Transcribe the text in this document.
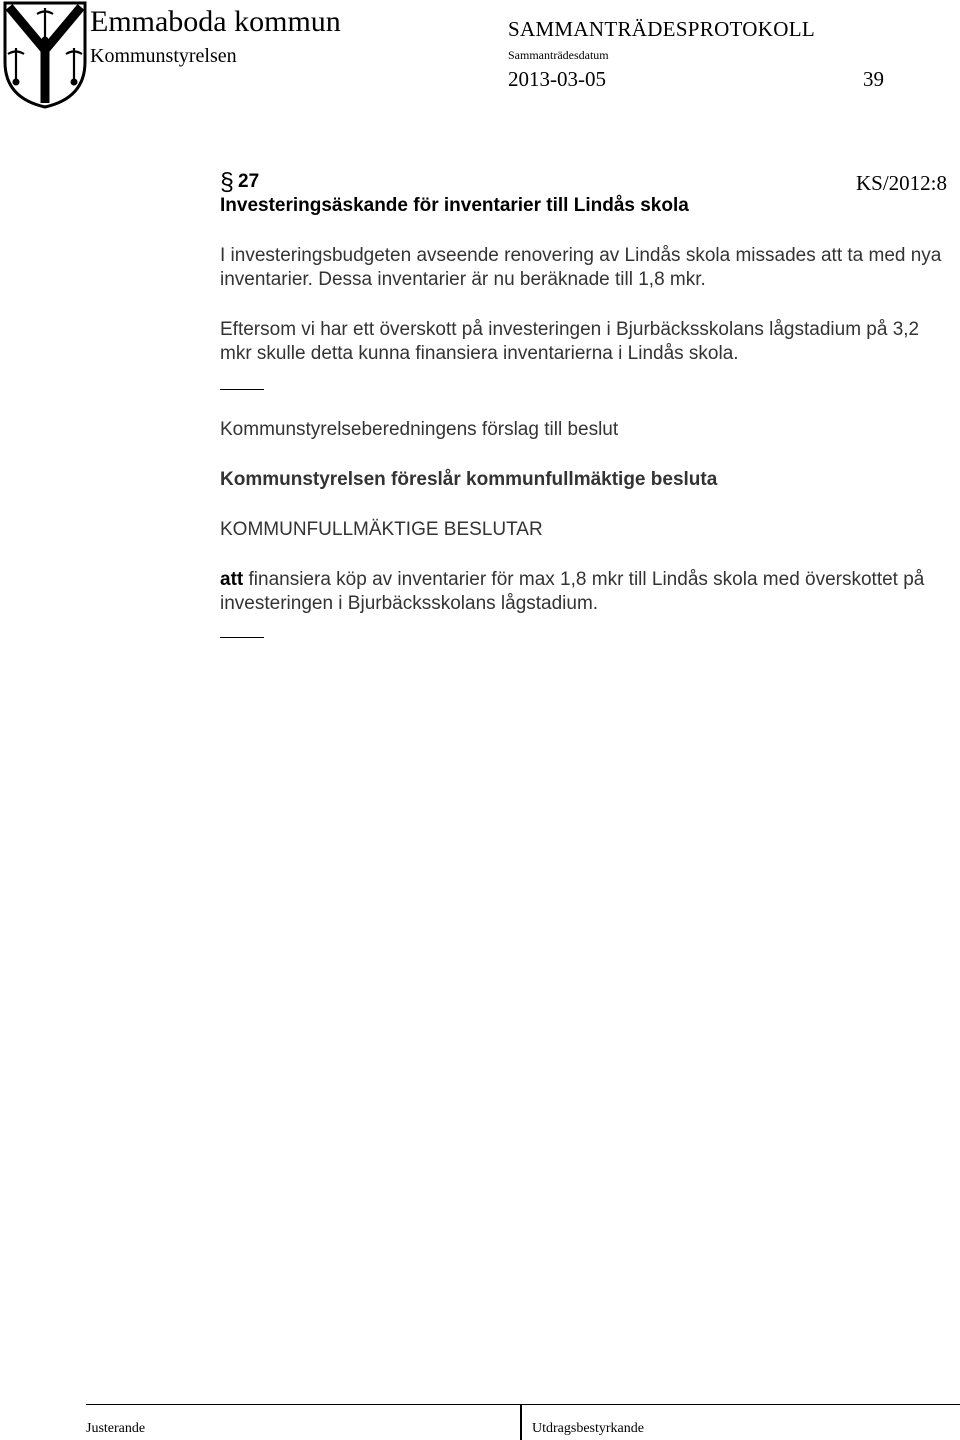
Emmaboda kommun
Kommunstyrelsen
SAMMANTRÄDESPROTOKOLL
Sammanträdesdatum
2013-03-05	39
KS/2012:8
§ 27
Investeringsäskande för inventarier till Lindås skola
I investeringsbudgeten avseende renovering av Lindås skola missades att ta med nya inventarier. Dessa inventarier är nu beräknade till 1,8 mkr.
Eftersom vi har ett överskott på investeringen i Bjurbäcksskolans lågstadium på 3,2 mkr skulle detta kunna finansiera inventarierna i Lindås skola.
Kommunstyrelseberedningens förslag till beslut
Kommunstyrelsen föreslår kommunfullmäktige besluta
KOMMUNFULLMÄKTIGE BESLUTAR
att finansiera köp av inventarier för max 1,8 mkr till Lindås skola med överskottet på investeringen i Bjurbäcksskolans lågstadium.
Justerande	Utdragsbestyrkande
